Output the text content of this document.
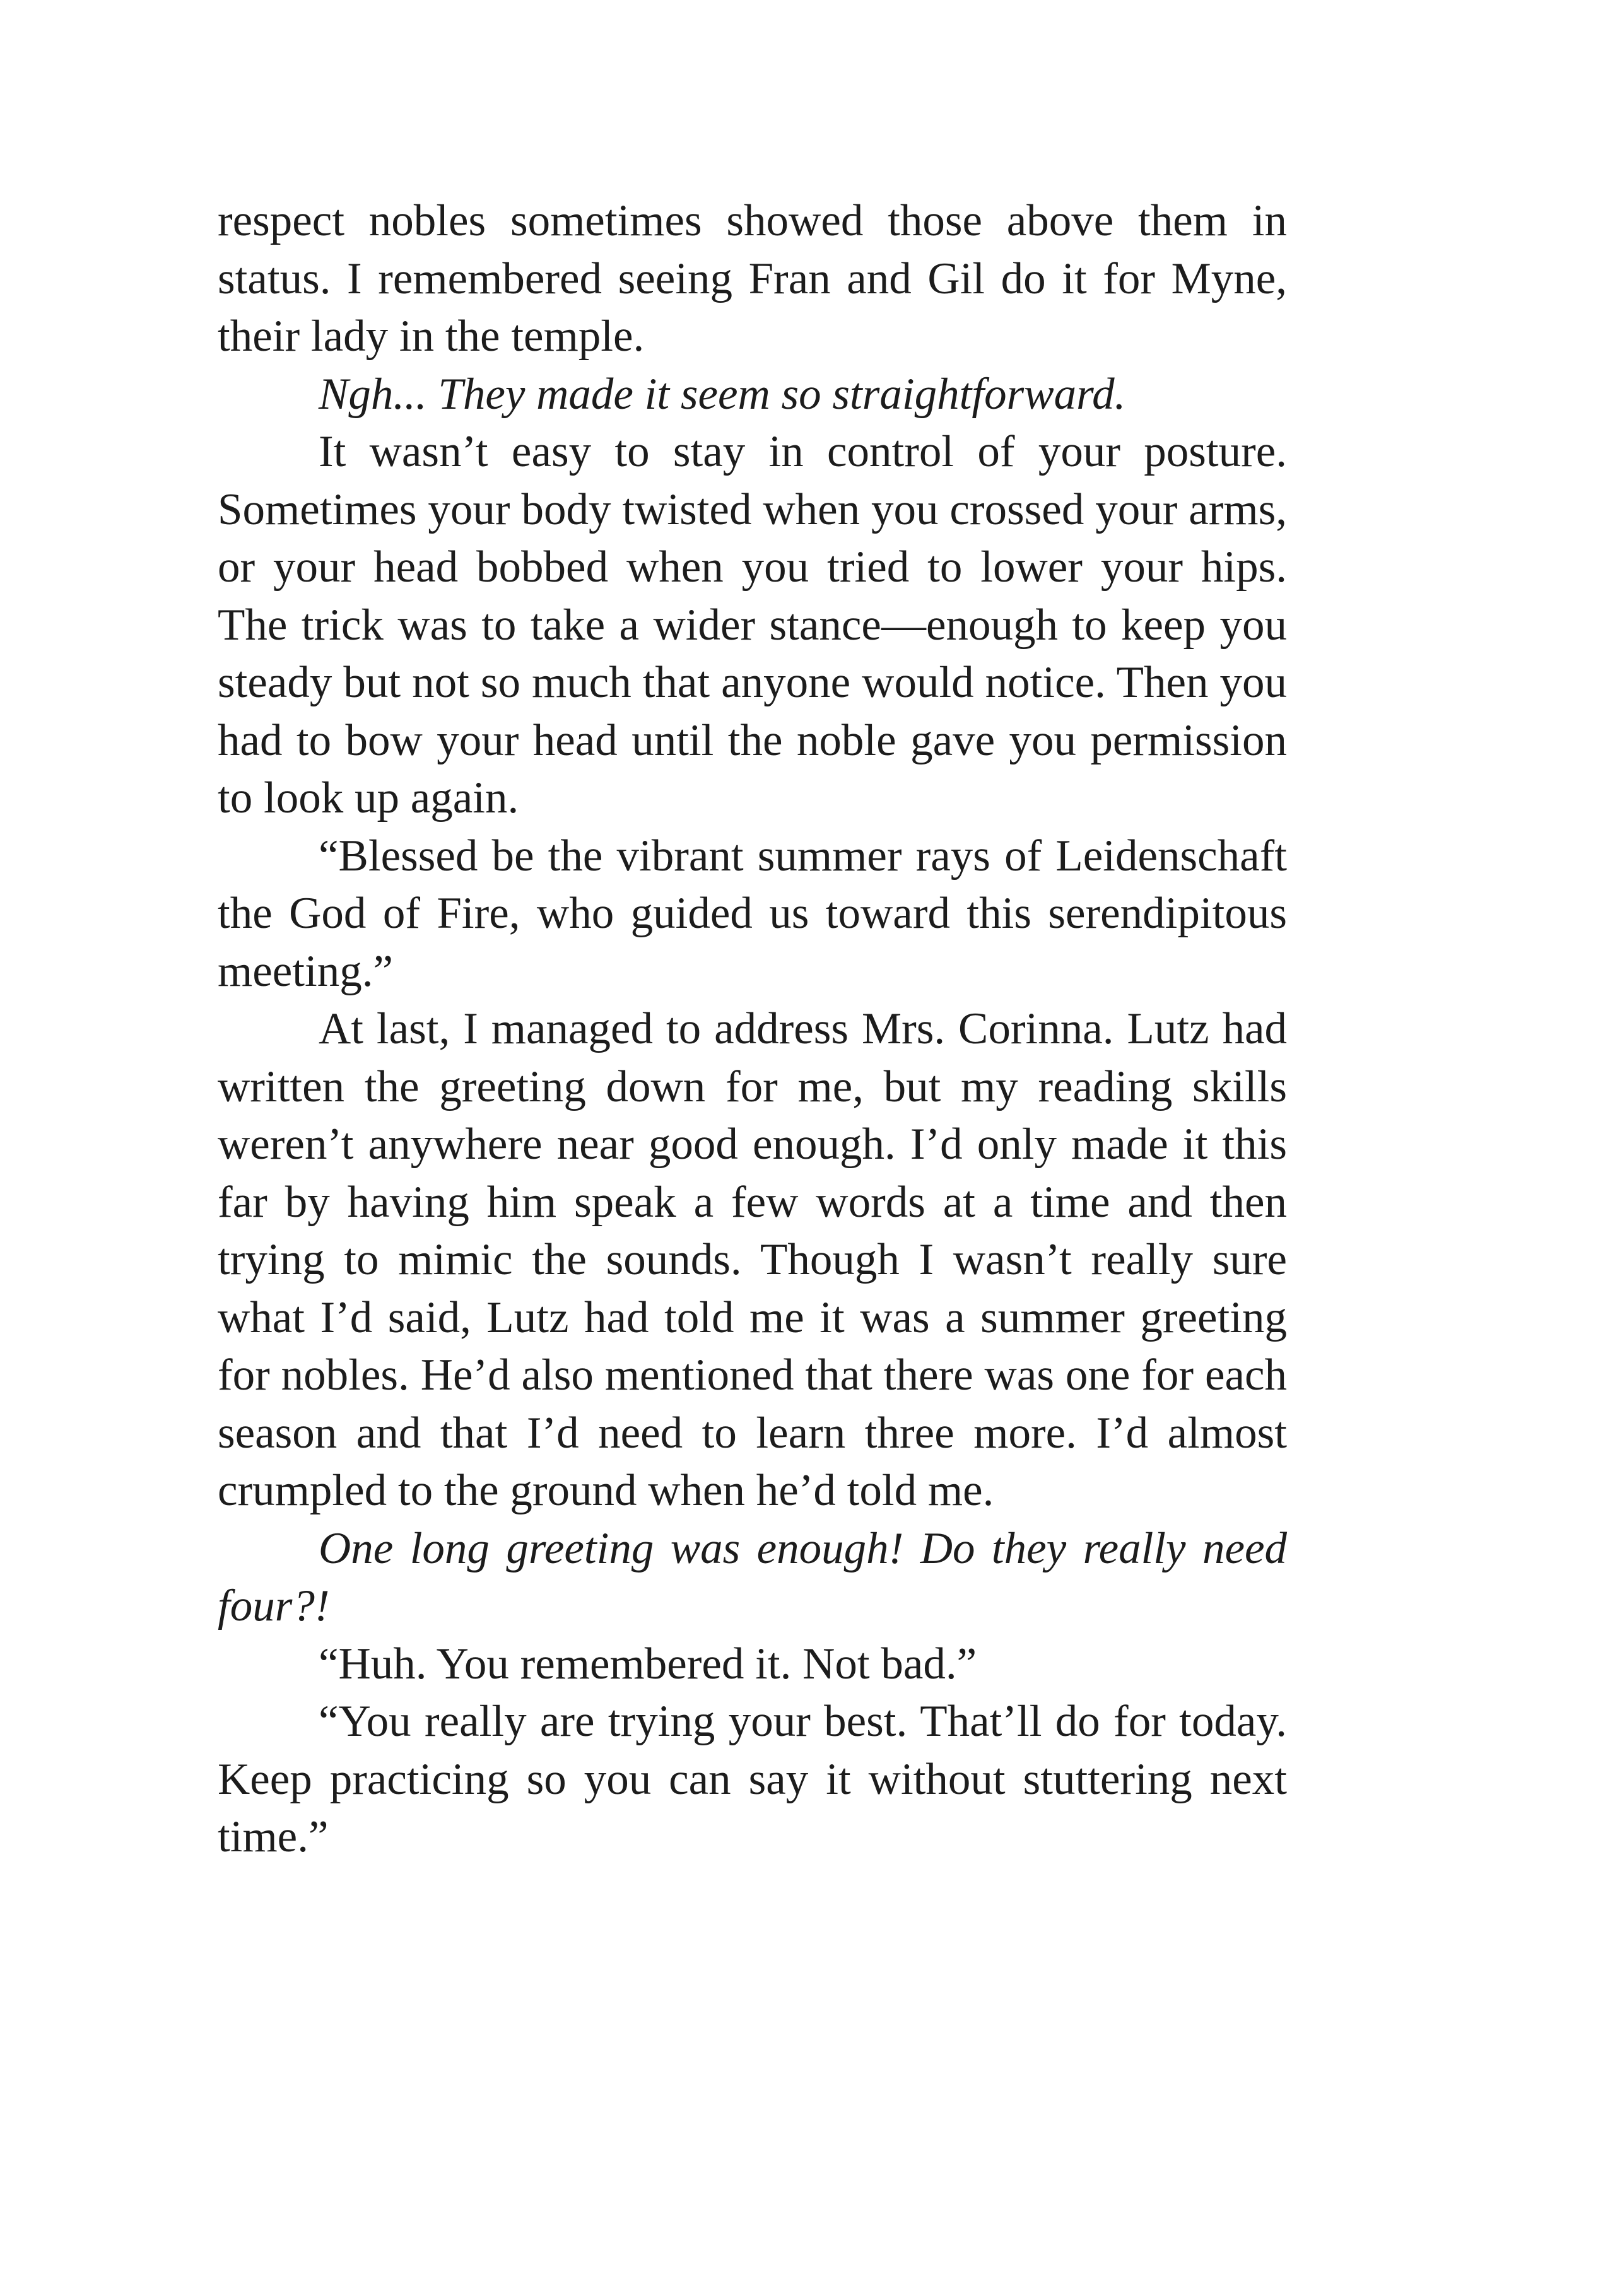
respect nobles sometimes showed those above them in status. I remembered seeing Fran and Gil do it for Myne, their lady in the temple.

Ngh... They made it seem so straightforward.

It wasn’t easy to stay in control of your posture. Sometimes your body twisted when you crossed your arms, or your head bobbed when you tried to lower your hips. The trick was to take a wider stance—enough to keep you steady but not so much that anyone would notice. Then you had to bow your head until the noble gave you permission to look up again.

“Blessed be the vibrant summer rays of Leidenschaft the God of Fire, who guided us toward this serendipitous meeting.”

At last, I managed to address Mrs. Corinna. Lutz had written the greeting down for me, but my reading skills weren’t anywhere near good enough. I’d only made it this far by having him speak a few words at a time and then trying to mimic the sounds. Though I wasn’t really sure what I’d said, Lutz had told me it was a summer greeting for nobles. He’d also mentioned that there was one for each season and that I’d need to learn three more. I’d almost crumpled to the ground when he’d told me.

One long greeting was enough! Do they really need four?!

“Huh. You remembered it. Not bad.”

“You really are trying your best. That’ll do for today. Keep practicing so you can say it without stuttering next time.”
